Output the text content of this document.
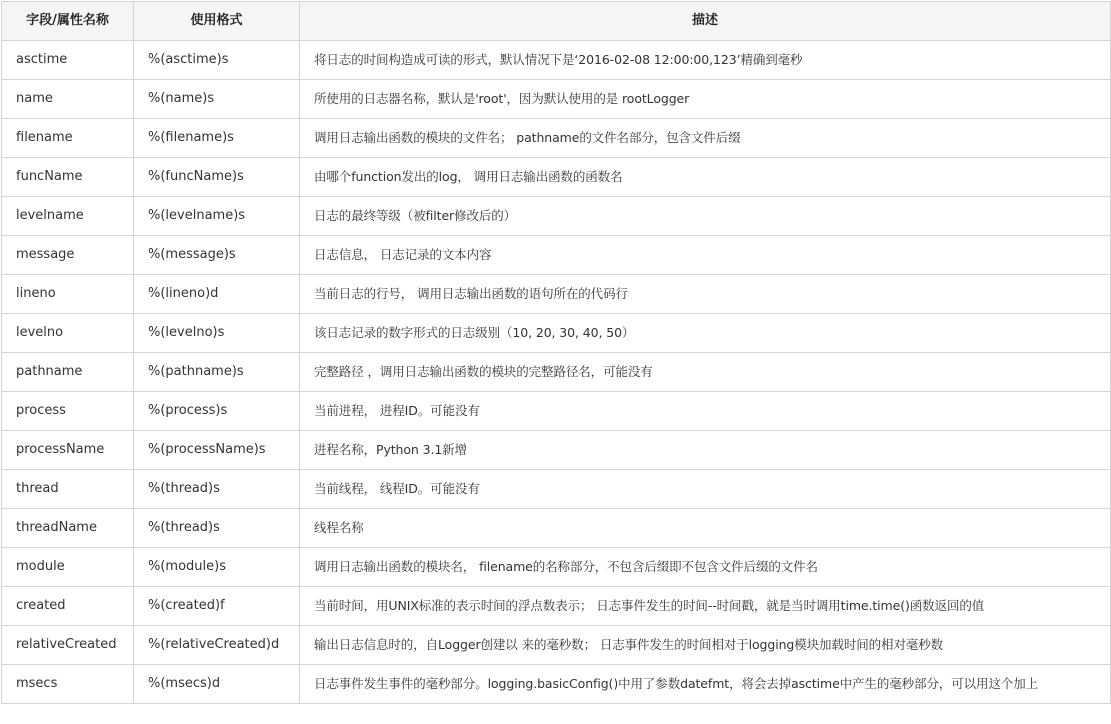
字段/属性名称	使用格式	描述
asctime	%(asctime)s	将日志的时间构造成可读的形式，默认情况下是‘2016-02-08 12:00:00,123’精确到毫秒
name	%(name)s	所使用的日志器名称，默认是'root'，因为默认使用的是 rootLogger
filename	%(filename)s	调用日志输出函数的模块的文件名； pathname的文件名部分，包含文件后缀
funcName	%(funcName)s	由哪个function发出的log， 调用日志输出函数的函数名
levelname	%(levelname)s	日志的最终等级（被filter修改后的）
message	%(message)s	日志信息， 日志记录的文本内容
lineno	%(lineno)d	当前日志的行号， 调用日志输出函数的语句所在的代码行
levelno	%(levelno)s	该日志记录的数字形式的日志级别（10, 20, 30, 40, 50）
pathname	%(pathname)s	完整路径 ，调用日志输出函数的模块的完整路径名，可能没有
process	%(process)s	当前进程， 进程ID。可能没有
processName	%(processName)s	进程名称，Python 3.1新增
thread	%(thread)s	当前线程， 线程ID。可能没有
threadName	%(thread)s	线程名称
module	%(module)s	调用日志输出函数的模块名， filename的名称部分，不包含后缀即不包含文件后缀的文件名
created	%(created)f	当前时间，用UNIX标准的表示时间的浮点数表示； 日志事件发生的时间--时间戳，就是当时调用time.time()函数返回的值
relativeCreated	%(relativeCreated)d	输出日志信息时的，自Logger创建以 来的毫秒数； 日志事件发生的时间相对于logging模块加载时间的相对毫秒数
msecs	%(msecs)d	日志事件发生事件的毫秒部分。logging.basicConfig()中用了参数datefmt，将会去掉asctime中产生的毫秒部分，可以用这个加上
